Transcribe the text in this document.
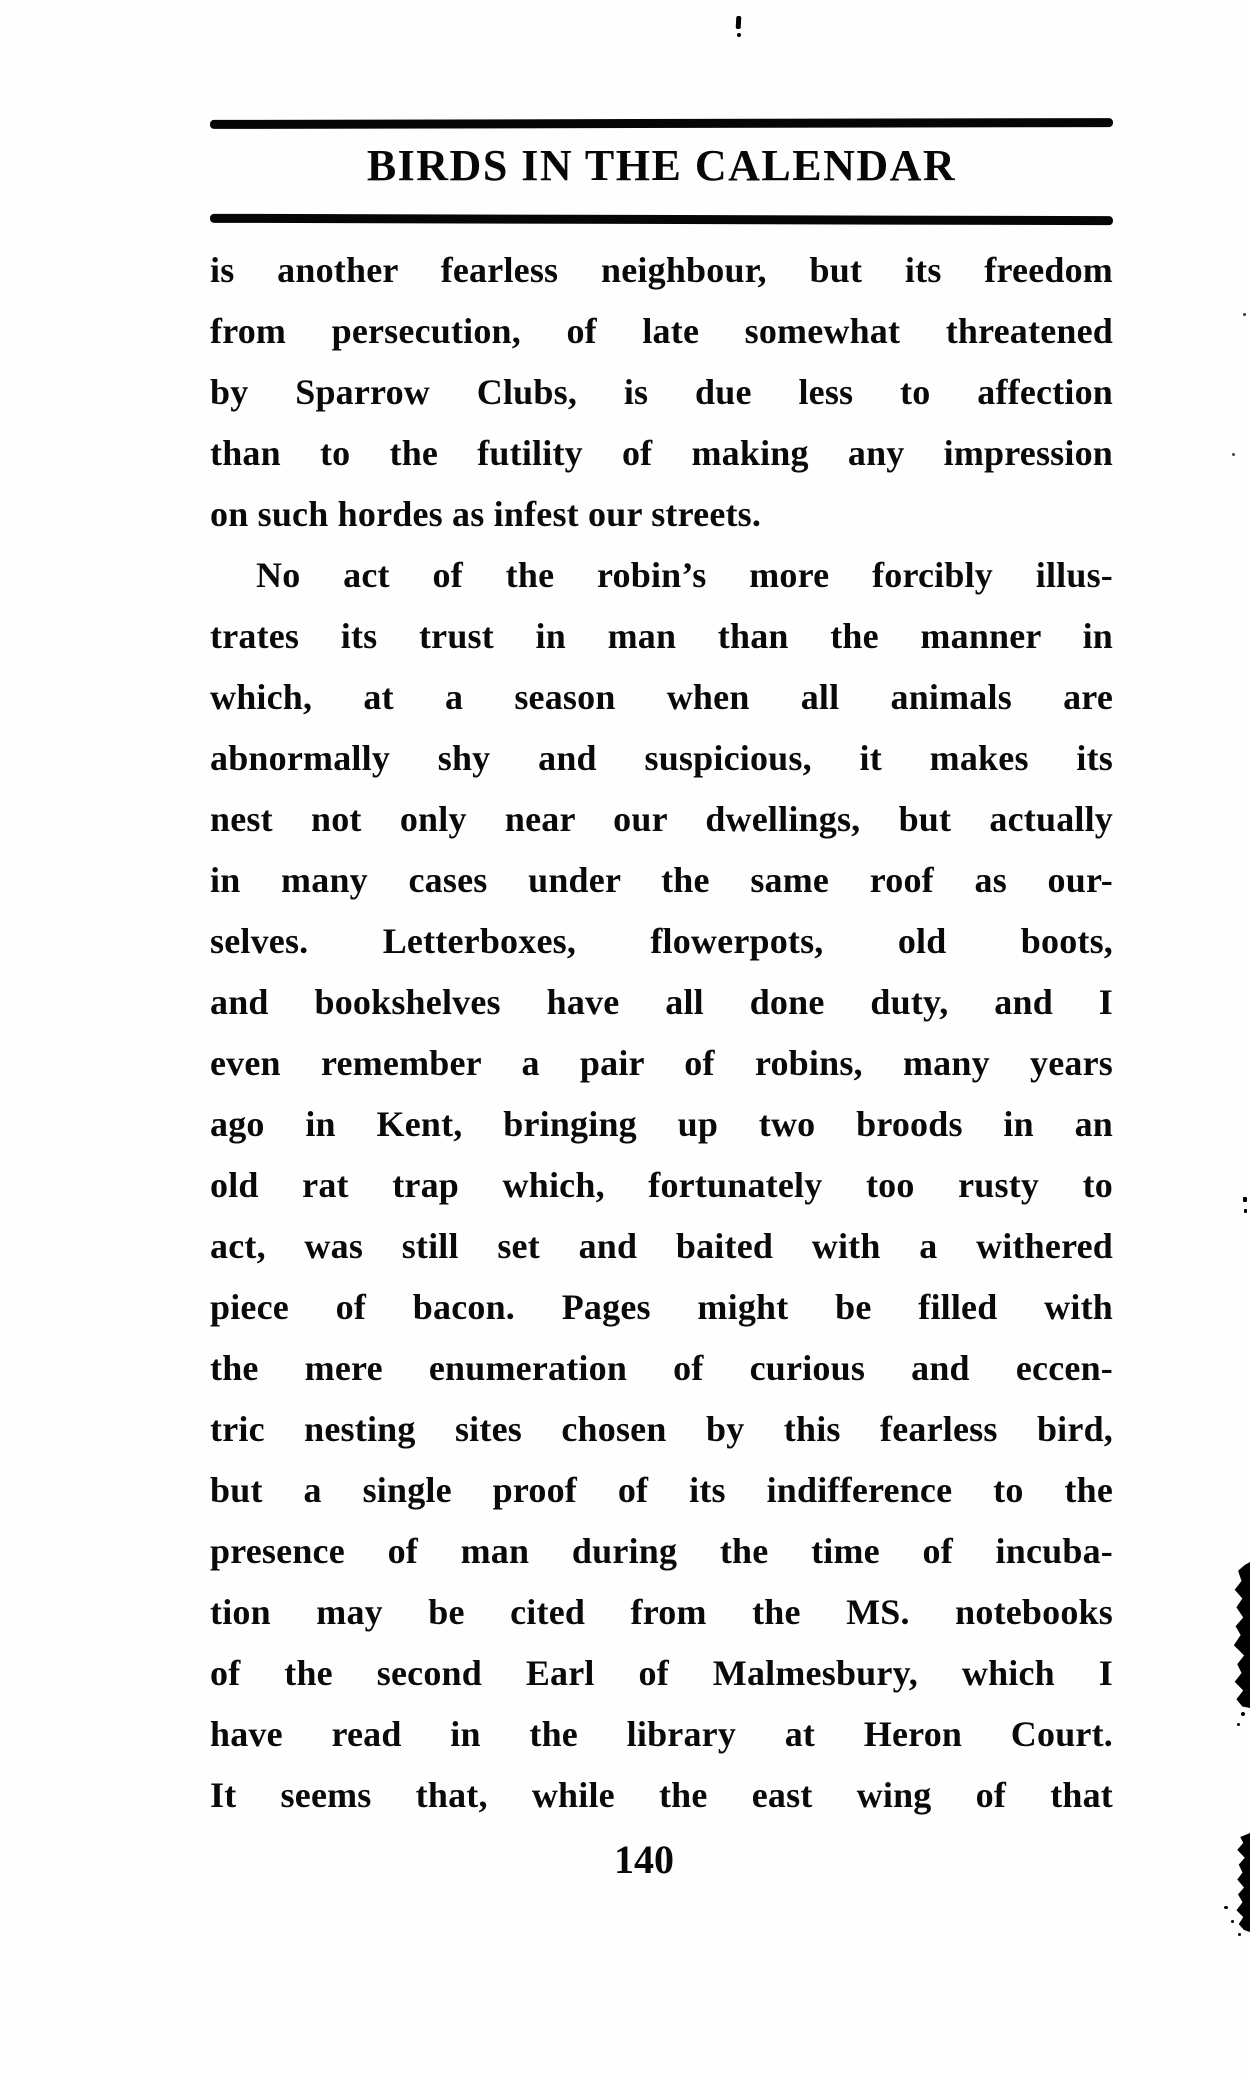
BIRDS IN THE CALENDAR
is another fearless neighbour, but its freedom
from persecution, of late somewhat threatened
by Sparrow Clubs, is due less to affection
than to the futility of making any impression
on such hordes as infest our streets.
No act of the robin’s more forcibly illus-
trates its trust in man than the manner in
which, at a season when all animals are
abnormally shy and suspicious, it makes its
nest not only near our dwellings, but actually
in many cases under the same roof as our-
selves. Letterboxes, flowerpots, old boots,
and bookshelves have all done duty, and I
even remember a pair of robins, many years
ago in Kent, bringing up two broods in an
old rat trap which, fortunately too rusty to
act, was still set and baited with a withered
piece of bacon. Pages might be filled with
the mere enumeration of curious and eccen-
tric nesting sites chosen by this fearless bird,
but a single proof of its indifference to the
presence of man during the time of incuba-
tion may be cited from the MS. notebooks
of the second Earl of Malmesbury, which I
have read in the library at Heron Court.
It seems that, while the east wing of that
140
